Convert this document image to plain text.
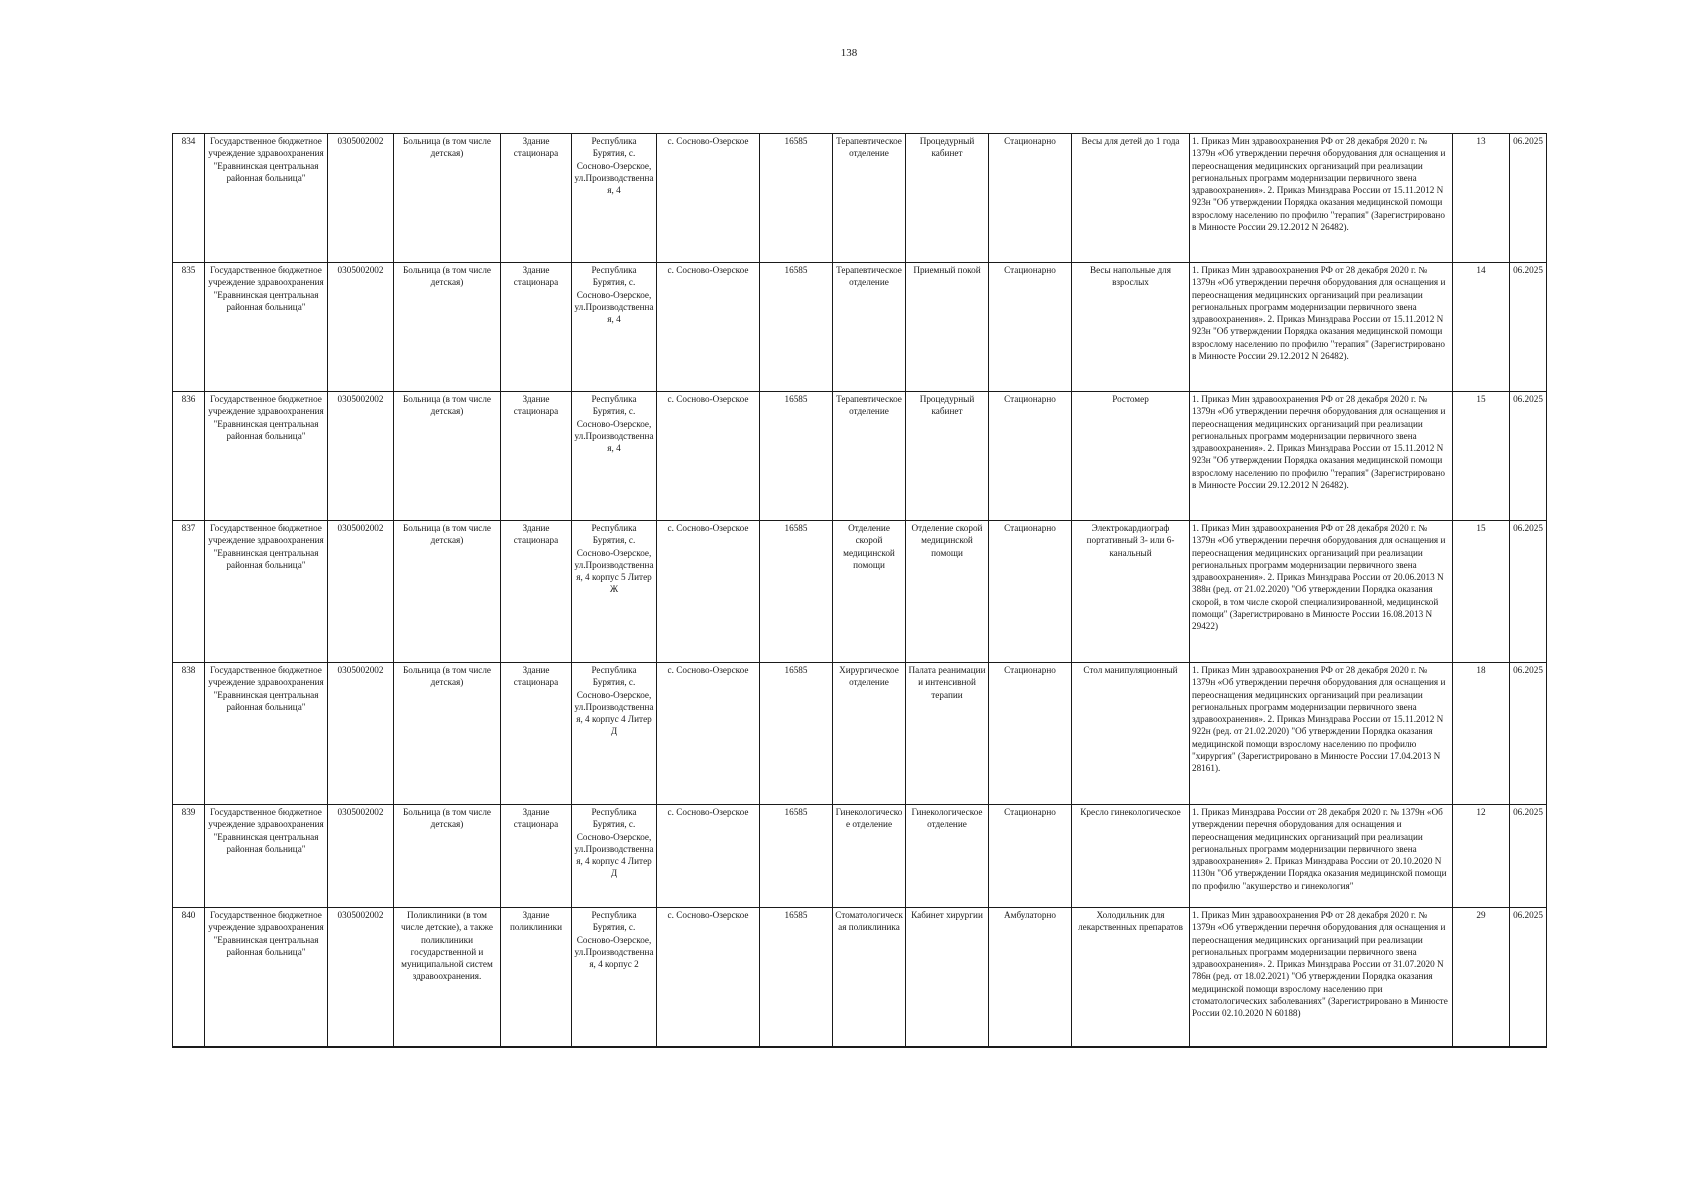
138
834	Государственное бюджетное учреждение здравоохранения "Еравнинская центральная районная больница"	0305002002	Больница (в том числе детская)	Здание стационара	Республика Бурятия, с. Сосново-Озерское, ул.Производственная, 4	с. Сосново-Озерское	16585	Терапевтическое отделение	Процедурный кабинет	Стационарно	Весы для детей до 1 года	1. Приказ Мин здравоохранения РФ от 28 декабря 2020 г. № 1379н «Об утверждении перечня оборудования для оснащения и переоснащения медицинских организаций при реализации региональных программ модернизации первичного звена здравоохранения». 2. Приказ Минздрава России от 15.11.2012 N 923н "Об утверждении Порядка оказания медицинской помощи взрослому населению по профилю "терапия" (Зарегистрировано в Минюсте России 29.12.2012 N 26482).	13	06.2025
835	Государственное бюджетное учреждение здравоохранения "Еравнинская центральная районная больница"	0305002002	Больница (в том числе детская)	Здание стационара	Республика Бурятия, с. Сосново-Озерское, ул.Производственная, 4	с. Сосново-Озерское	16585	Терапевтическое отделение	Приемный покой	Стационарно	Весы напольные для взрослых	1. Приказ Мин здравоохранения РФ от 28 декабря 2020 г. № 1379н «Об утверждении перечня оборудования для оснащения и переоснащения медицинских организаций при реализации региональных программ модернизации первичного звена здравоохранения». 2. Приказ Минздрава России от 15.11.2012 N 923н "Об утверждении Порядка оказания медицинской помощи взрослому населению по профилю "терапия" (Зарегистрировано в Минюсте России 29.12.2012 N 26482).	14	06.2025
836	Государственное бюджетное учреждение здравоохранения "Еравнинская центральная районная больница"	0305002002	Больница (в том числе детская)	Здание стационара	Республика Бурятия, с. Сосново-Озерское, ул.Производственная, 4	с. Сосново-Озерское	16585	Терапевтическое отделение	Процедурный кабинет	Стационарно	Ростомер	1. Приказ Мин здравоохранения РФ от 28 декабря 2020 г. № 1379н «Об утверждении перечня оборудования для оснащения и переоснащения медицинских организаций при реализации региональных программ модернизации первичного звена здравоохранения». 2. Приказ Минздрава России от 15.11.2012 N 923н "Об утверждении Порядка оказания медицинской помощи взрослому населению по профилю "терапия" (Зарегистрировано в Минюсте России 29.12.2012 N 26482).	15	06.2025
837	Государственное бюджетное учреждение здравоохранения "Еравнинская центральная районная больница"	0305002002	Больница (в том числе детская)	Здание стационара	Республика Бурятия, с. Сосново-Озерское, ул.Производственная, 4 корпус 5 Литер Ж	с. Сосново-Озерское	16585	Отделение скорой медицинской помощи	Отделение скорой медицинской помощи	Стационарно	Электрокардиограф портативный 3- или 6-канальный	1. Приказ Мин здравоохранения РФ от 28 декабря 2020 г. № 1379н «Об утверждении перечня оборудования для оснащения и переоснащения медицинских организаций при реализации региональных программ модернизации первичного звена здравоохранения». 2. Приказ Минздрава России от 20.06.2013 N 388н (ред. от 21.02.2020) "Об утверждении Порядка оказания скорой, в том числе скорой специализированной, медицинской помощи" (Зарегистрировано в Минюсте России 16.08.2013 N 29422)	15	06.2025
838	Государственное бюджетное учреждение здравоохранения "Еравнинская центральная районная больница"	0305002002	Больница (в том числе детская)	Здание стационара	Республика Бурятия, с. Сосново-Озерское, ул.Производственная, 4 корпус 4 Литер Д	с. Сосново-Озерское	16585	Хирургическое отделение	Палата реанимации и интенсивной терапии	Стационарно	Стол манипуляционный	1. Приказ Мин здравоохранения РФ от 28 декабря 2020 г. № 1379н «Об утверждении перечня оборудования для оснащения и переоснащения медицинских организаций при реализации региональных программ модернизации первичного звена здравоохранения». 2. Приказ Минздрава России от 15.11.2012 N 922н (ред. от 21.02.2020) "Об утверждении Порядка оказания медицинской помощи взрослому населению по профилю "хирургия" (Зарегистрировано в Минюсте России 17.04.2013 N 28161).	18	06.2025
839	Государственное бюджетное учреждение здравоохранения "Еравнинская центральная районная больница"	0305002002	Больница (в том числе детская)	Здание стационара	Республика Бурятия, с. Сосново-Озерское, ул.Производственная, 4 корпус 4 Литер Д	с. Сосново-Озерское	16585	Гинекологическое отделение	Гинекологическое отделение	Стационарно	Кресло гинекологическое	1. Приказ Минздрава России от 28 декабря 2020 г. № 1379н «Об утверждении перечня оборудования для оснащения и переоснащения медицинских организаций при реализации региональных программ модернизации первичного звена здравоохранения» 2. Приказ Минздрава России от 20.10.2020 N 1130н "Об утверждении Порядка оказания медицинской помощи по профилю "акушерство и гинекология"	12	06.2025
840	Государственное бюджетное учреждение здравоохранения "Еравнинская центральная районная больница"	0305002002	Поликлиники (в том числе детские), а также поликлиники государственной и муниципальной систем здравоохранения.	Здание поликлиники	Республика Бурятия, с. Сосново-Озерское, ул.Производственная, 4 корпус 2	с. Сосново-Озерское	16585	Стоматологическая поликлиника	Кабинет хирургии	Амбулаторно	Холодильник для лекарственных препаратов	1. Приказ Мин здравоохранения РФ от 28 декабря 2020 г. № 1379н «Об утверждении перечня оборудования для оснащения и переоснащения медицинских организаций при реализации региональных программ модернизации первичного звена здравоохранения». 2. Приказ Минздрава России от 31.07.2020 N 786н (ред. от 18.02.2021) "Об утверждении Порядка оказания медицинской помощи взрослому населению при стоматологических заболеваниях" (Зарегистрировано в Минюсте России 02.10.2020 N 60188)	29	06.2025
